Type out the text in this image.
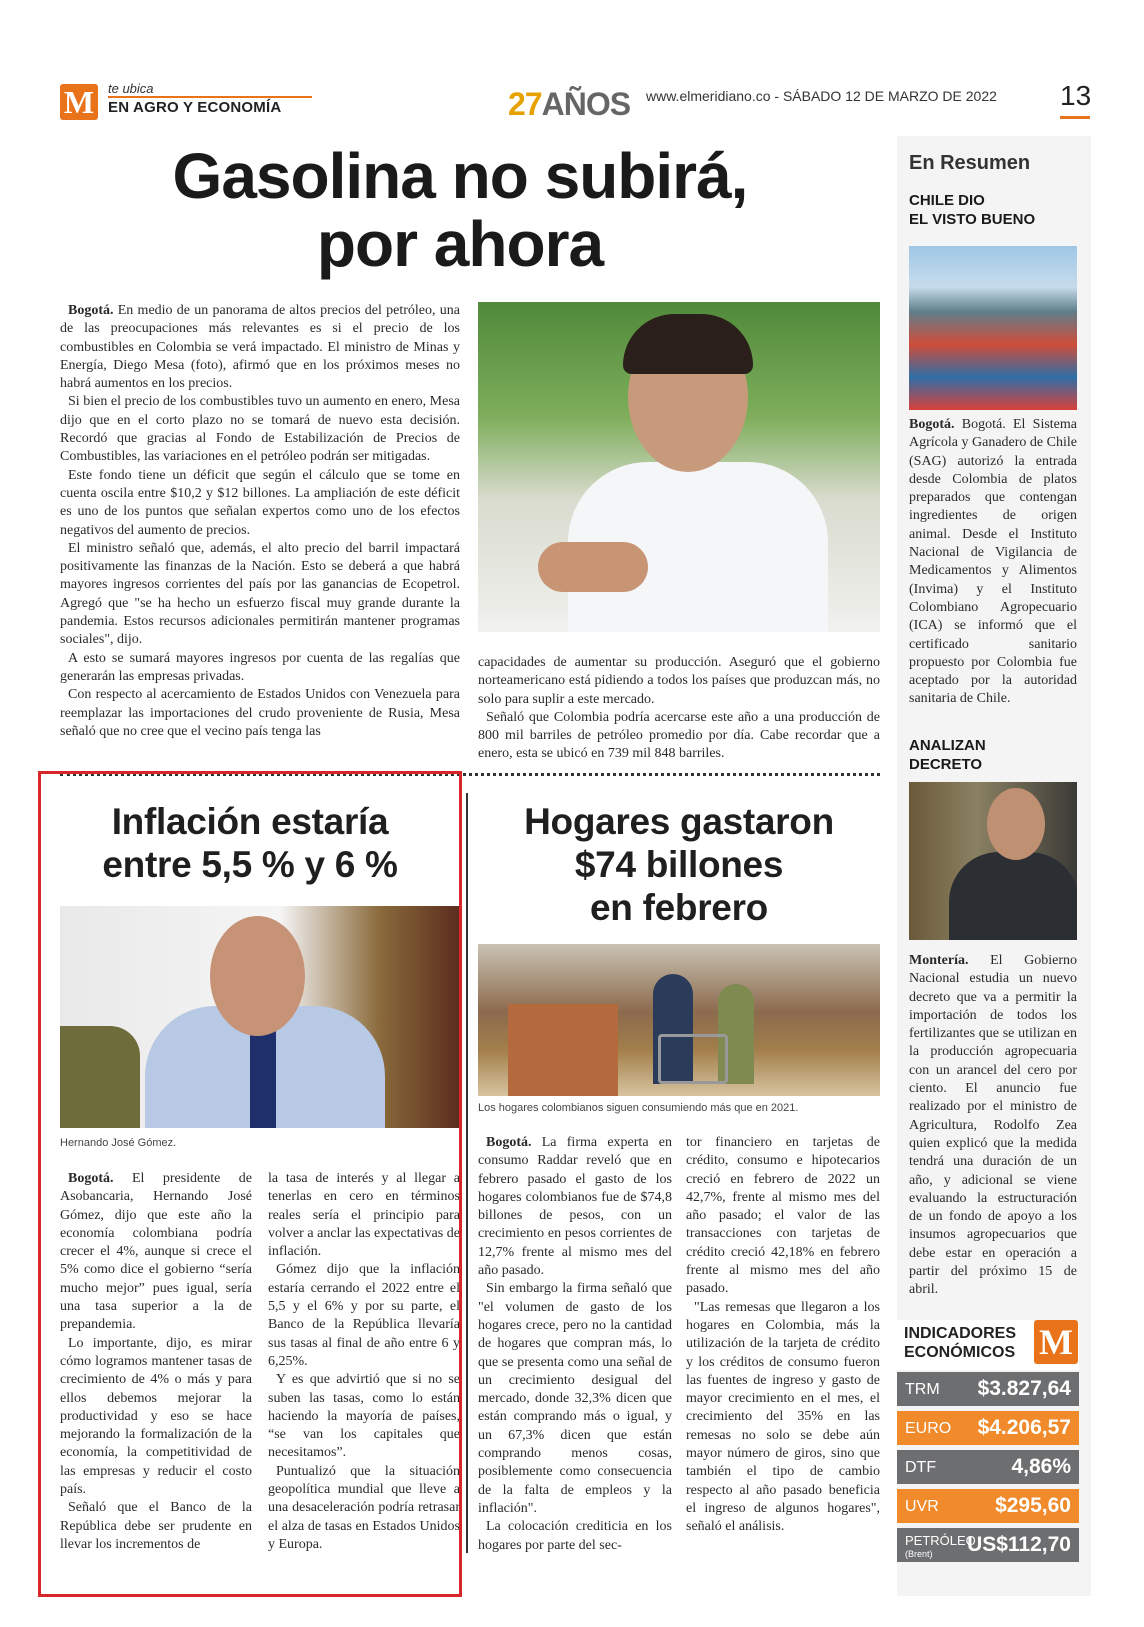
M	te ubica
EN AGRO Y ECONOMÍA	27AÑOS www.elmeridiano.co - SÁBADO 12 DE MARZO DE 2022 13
Gasolina no subirá,
por ahora

Bogotá. En medio de un panorama de altos precios del petróleo, una de las preocupaciones más relevantes es si el precio de los combustibles en Colombia se verá impactado. El ministro de Minas y Energía, Diego Mesa (foto), afirmó que en los próximos meses no habrá aumentos en los precios.

Si bien el precio de los combustibles tuvo un aumento en enero, Mesa dijo que en el corto plazo no se tomará de nuevo esta decisión. Recordó que gracias al Fondo de Estabilización de Precios de Combustibles, las variaciones en el petróleo podrán ser mitigadas.

Este fondo tiene un déficit que según el cálculo que se tome en cuenta oscila entre $10,2 y $12 billones. La ampliación de este déficit es uno de los puntos que señalan expertos como uno de los efectos negativos del aumento de precios.

El ministro señaló que, además, el alto precio del barril impactará positivamente las finanzas de la Nación. Esto se deberá a que habrá mayores ingresos corrientes del país por las ganancias de Ecopetrol. Agregó que "se ha hecho un esfuerzo fiscal muy grande durante la pandemia. Estos recursos adicionales permitirán mantener programas sociales", dijo.

A esto se sumará mayores ingresos por cuenta de las regalías que generarán las empresas privadas.

Con respecto al acercamiento de Estados Unidos con Venezuela para reemplazar las importaciones del crudo proveniente de Rusia, Mesa señaló que no cree que el vecino país tenga las

capacidades de aumentar su producción. Aseguró que el gobierno norteamericano está pidiendo a todos los países que produzcan más, no solo para suplir a este mercado.

Señaló que Colombia podría acercarse este año a una producción de 800 mil barriles de petróleo promedio por día. Cabe recordar que a enero, esta se ubicó en 739 mil 848 barriles.

Inflación estaría
entre 5,5 % y 6 %
Hernando José Gómez.

Bogotá. El presidente de Asobancaria, Hernando José Gómez, dijo que este año la economía colombiana podría crecer el 4%, aunque si crece el 5% como dice el gobierno “sería mucho mejor” pues igual, sería una tasa superior a la de prepandemia.

Lo importante, dijo, es mirar cómo logramos mantener tasas de crecimiento de 4% o más y para ellos debemos mejorar la productividad y eso se hace mejorando la formalización de la economía, la competitividad de las empresas y reducir el costo país.

Señaló que el Banco de la República debe ser prudente en llevar los incrementos de

la tasa de interés y al llegar a tenerlas en cero en términos reales sería el principio para volver a anclar las expectativas de inflación.

Gómez dijo que la inflación estaría cerrando el 2022 entre el 5,5 y el 6% y por su parte, el Banco de la República llevaría sus tasas al final de año entre 6 y 6,25%.

Y es que advirtió que si no se suben las tasas, como lo están haciendo la mayoría de países, “se van los capitales que necesitamos”.

Puntualizó que la situación geopolítica mundial que lleve a una desaceleración podría retrasar el alza de tasas en Estados Unidos y Europa.

Hogares gastaron
$74 billones
en febrero
Los hogares colombianos siguen consumiendo más que en 2021.

Bogotá. La firma experta en consumo Raddar reveló que en febrero pasado el gasto de los hogares colombianos fue de $74,8 billones de pesos, con un crecimiento en pesos corrientes de 12,7% frente al mismo mes del año pasado.

Sin embargo la firma señaló que "el volumen de gasto de los hogares crece, pero no la cantidad de hogares que compran más, lo que se presenta como una señal de un crecimiento desigual del mercado, donde 32,3% dicen que están comprando más o igual, y un 67,3% dicen que están comprando menos cosas, posiblemente como consecuencia de la falta de empleos y la inflación".

La colocación crediticia en los hogares por parte del sec-

tor financiero en tarjetas de crédito, consumo e hipotecarios creció en febrero de 2022 un 42,7%, frente al mismo mes del año pasado; el valor de las transacciones con tarjetas de crédito creció 42,18% en febrero frente al mismo mes del año pasado.

"Las remesas que llegaron a los hogares en Colombia, más la utilización de la tarjeta de crédito y los créditos de consumo fueron las fuentes de ingreso y gasto de mayor crecimiento en el mes, el crecimiento del 35% en las remesas no solo se debe aún mayor número de giros, sino que también el tipo de cambio respecto al año pasado beneficia el ingreso de algunos hogares", señaló el análisis.

En Resumen
CHILE DIO
EL VISTO BUENO

Bogotá. Bogotá. El Sistema Agrícola y Ganadero de Chile (SAG) autorizó la entrada desde Colombia de platos preparados que contengan ingredientes de origen animal. Desde el Instituto Nacional de Vigilancia de Medicamentos y Alimentos (Invima) y el Instituto Colombiano Agropecuario (ICA) se informó que el certificado sanitario propuesto por Colombia fue aceptado por la autoridad sanitaria de Chile.

ANALIZAN
DECRETO

Montería. El Gobierno Nacional estudia un nuevo decreto que va a permitir la importación de todos los fertilizantes que se utilizan en la producción agropecuaria con un arancel del cero por ciento. El anuncio fue realizado por el ministro de Agricultura, Rodolfo Zea quien explicó que la medida tendrá una duración de un año, y adicional se viene evaluando la estructuración de un fondo de apoyo a los insumos agropecuarios que debe estar en operación a partir del próximo 15 de abril.

INDICADORES
ECONÓMICOS M
TRM $3.827,64
EURO $4.206,57
DTF	4,86%
UVR	$295,60
PETRÓLEO
(Brent) US$112,70
